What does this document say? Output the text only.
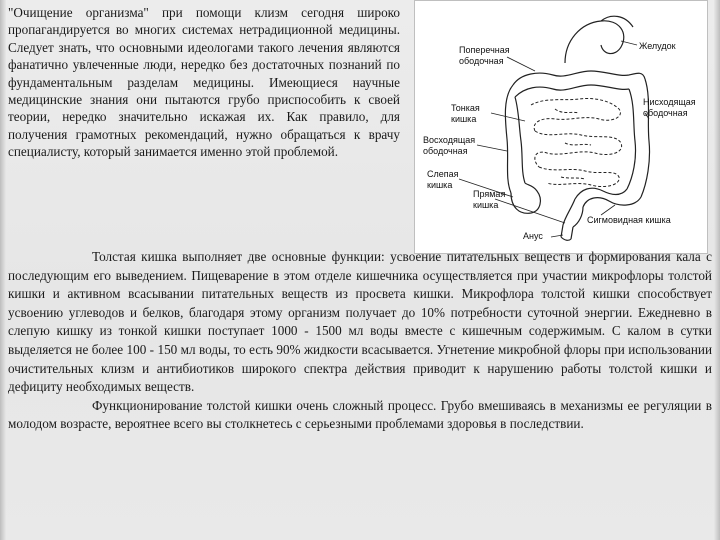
"Очищение организма" при помощи клизм сегодня широко пропагандируется во многих системах нетрадиционной медицины. Следует знать, что основными идеологами такого лечения являются фанатично увлеченные люди, нередко без достаточных познаний по фундаментальным разделам медицины. Имеющиеся научные медицинские знания они пытаются грубо приспособить к своей теории, нередко значительно искажая их. Как правило, для получения грамотных рекомендаций, нужно обращаться к врачу специалисту, который занимается именно этой проблемой.

Поперечная
ободочная
Желудок
Тонкая
кишка
Нисходящая
ободочная
Восходящая
ободочная
Слепая
кишка
Прямая
кишка
Анус
Сигмовидная кишка

Толстая кишка выполняет две основные функции: усвоение питательных веществ и формирования кала с последующим его выведением. Пищеварение в этом отделе кишечника осуществляется при участии микрофлоры толстой кишки и активном всасывании питательных веществ из просвета кишки. Микрофлора толстой кишки способствует усвоению углеводов и белков, благодаря этому организм получает до 10% потребности суточной энергии. Ежедневно в слепую кишку из тонкой кишки поступает 1000 - 1500 мл воды вместе с кишечным содержимым. С калом в сутки выделяется не более 100 - 150 мл воды, то есть 90% жидкости всасывается. Угнетение микробной флоры при использовании очистительных клизм и антибиотиков широкого спектра действия приводит к нарушению работы толстой кишки и дефициту необходимых веществ.

Функционирование толстой кишки очень сложный процесс. Грубо вмешиваясь в механизмы ее регуляции в молодом возрасте, вероятнее всего вы столкнетесь с серьезными проблемами здоровья в последствии.
